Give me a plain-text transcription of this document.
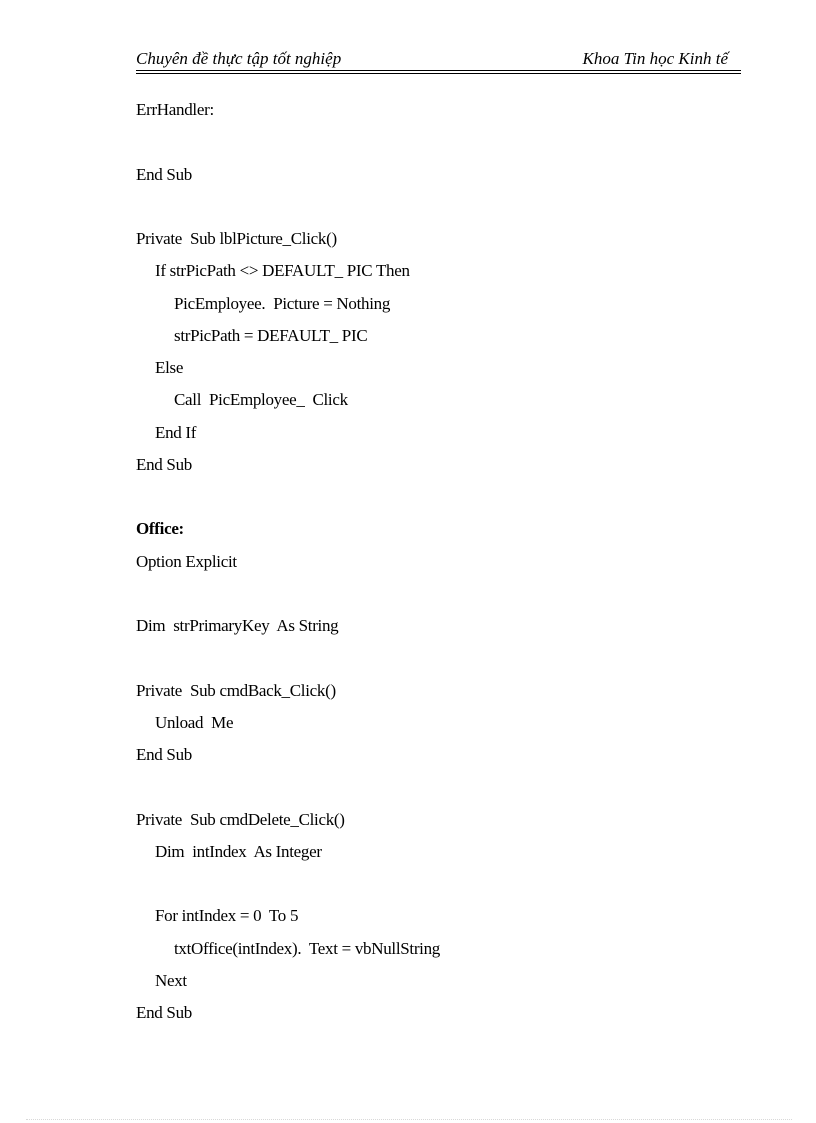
Chuyên đề thực tập tốt nghiệp	Khoa Tin học Kinh tế
ErrHandler:
End Sub
Private  Sub lblPicture_Click()
If strPicPath <> DEFAULT_ PIC Then
PicEmployee.  Picture = Nothing
strPicPath = DEFAULT_ PIC
Else
Call  PicEmployee_  Click
End If
End Sub
Office:
Option Explicit
Dim  strPrimaryKey  As String
Private  Sub cmdBack_Click()
Unload  Me
End Sub
Private  Sub cmdDelete_Click()
Dim  intIndex  As Integer
For intIndex = 0  To 5
txtOffice(intIndex).  Text = vbNullString
Next
End Sub
